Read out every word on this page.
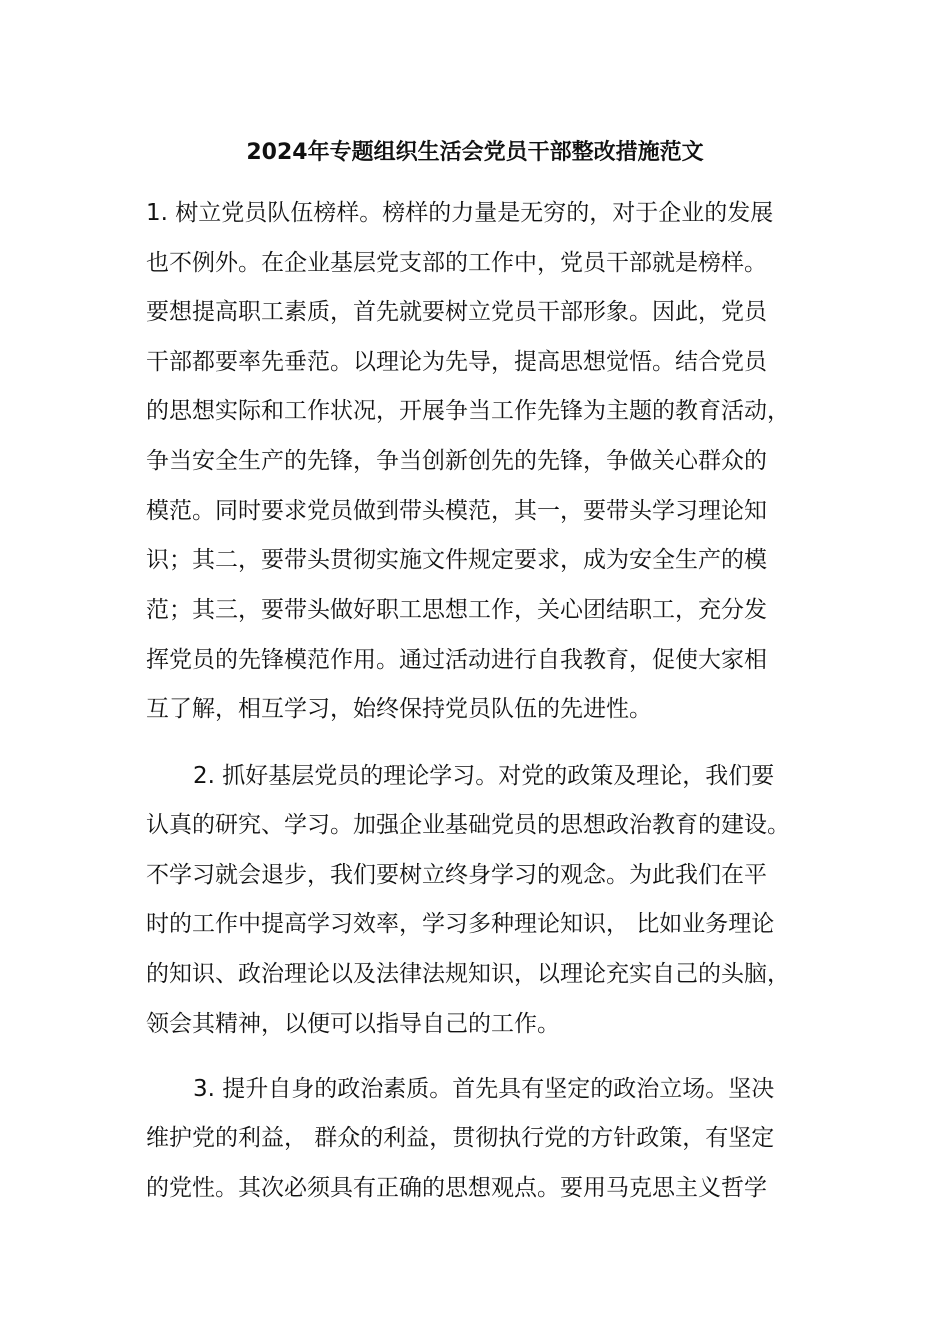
2024年专题组织生活会党员干部整改措施范文
1. 树立党员队伍榜样。榜样的力量是无穷的，对于企业的发展
也不例外。在企业基层党支部的工作中，党员干部就是榜样。
要想提高职工素质，首先就要树立党员干部形象。因此，党员
干部都要率先垂范。以理论为先导，提高思想觉悟。结合党员
的思想实际和工作状况，开展争当工作先锋为主题的教育活动，
争当安全生产的先锋，争当创新创先的先锋，争做关心群众的
模范。同时要求党员做到带头模范，其一，要带头学习理论知
识；其二，要带头贯彻实施文件规定要求，成为安全生产的模
范；其三，要带头做好职工思想工作，关心团结职工，充分发
挥党员的先锋模范作用。通过活动进行自我教育，促使大家相
互了解，相互学习，始终保持党员队伍的先进性。
2. 抓好基层党员的理论学习。对党的政策及理论，我们要
认真的研究、学习。加强企业基础党员的思想政治教育的建设。
不学习就会退步，我们要树立终身学习的观念。为此我们在平
时的工作中提高学习效率，学习多种理论知识， 比如业务理论
的知识、政治理论以及法律法规知识，以理论充实自己的头脑，
领会其精神，以便可以指导自己的工作。
3. 提升自身的政治素质。首先具有坚定的政治立场。坚决
维护党的利益， 群众的利益，贯彻执行党的方针政策，有坚定
的党性。其次必须具有正确的思想观点。要用马克思主义哲学
